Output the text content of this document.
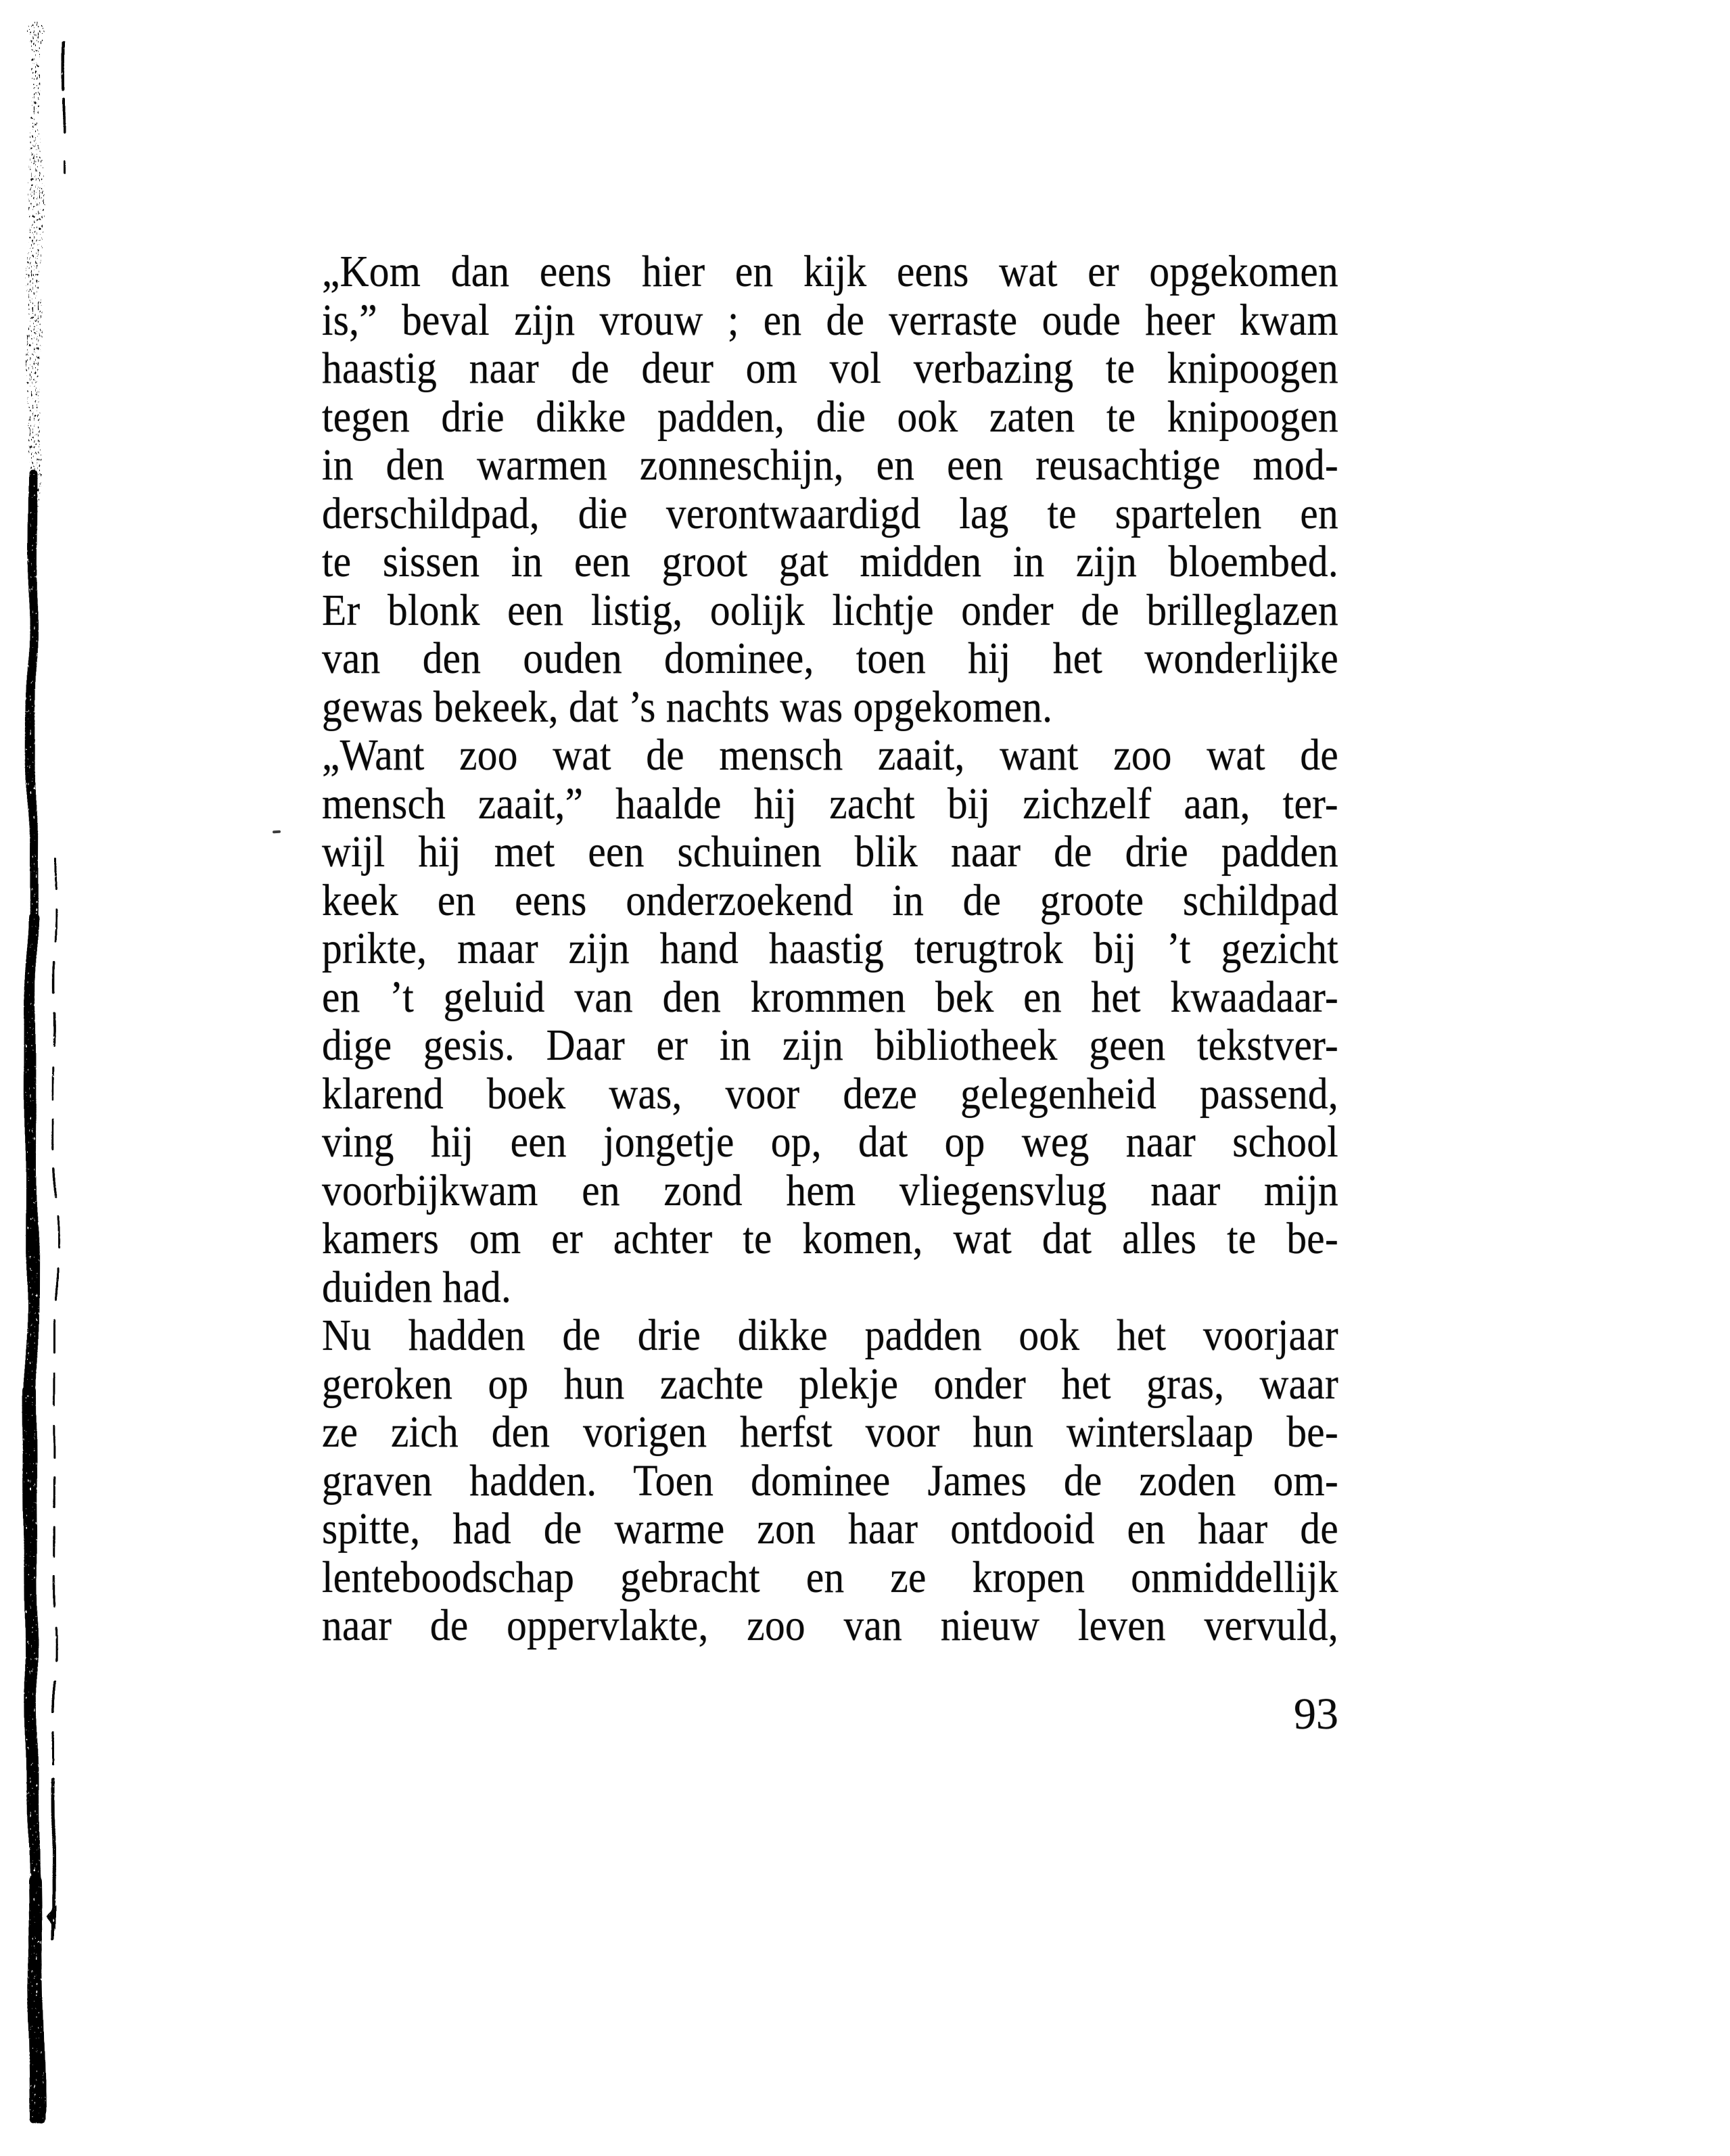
„Kom dan eens hier en kijk eens wat er opgekomen
is,” beval zijn vrouw ; en de verraste oude heer kwam
haastig naar de deur om vol verbazing te knipoogen
tegen drie dikke padden, die ook zaten te knipoogen
in den warmen zonneschijn, en een reusachtige mod-
derschildpad, die verontwaardigd lag te spartelen en
te sissen in een groot gat midden in zijn bloembed.
Er blonk een listig, oolijk lichtje onder de brilleglazen
van den ouden dominee, toen hij het wonderlijke
gewas bekeek, dat ’s nachts was opgekomen.
„Want zoo wat de mensch zaait, want zoo wat de
mensch zaait,” haalde hij zacht bij zichzelf aan, ter-
wijl hij met een schuinen blik naar de drie padden
keek en eens onderzoekend in de groote schildpad
prikte, maar zijn hand haastig terugtrok bij ’t gezicht
en ’t geluid van den krommen bek en het kwaadaar-
dige gesis. Daar er in zijn bibliotheek geen tekstver-
klarend boek was, voor deze gelegenheid passend,
ving hij een jongetje op, dat op weg naar school
voorbijkwam en zond hem vliegensvlug naar mijn
kamers om er achter te komen, wat dat alles te be-
duiden had.
Nu hadden de drie dikke padden ook het voorjaar
geroken op hun zachte plekje onder het gras, waar
ze zich den vorigen herfst voor hun winterslaap be-
graven hadden. Toen dominee James de zoden om-
spitte, had de warme zon haar ontdooid en haar de
lenteboodschap gebracht en ze kropen onmiddellijk
naar de oppervlakte, zoo van nieuw leven vervuld,
93
